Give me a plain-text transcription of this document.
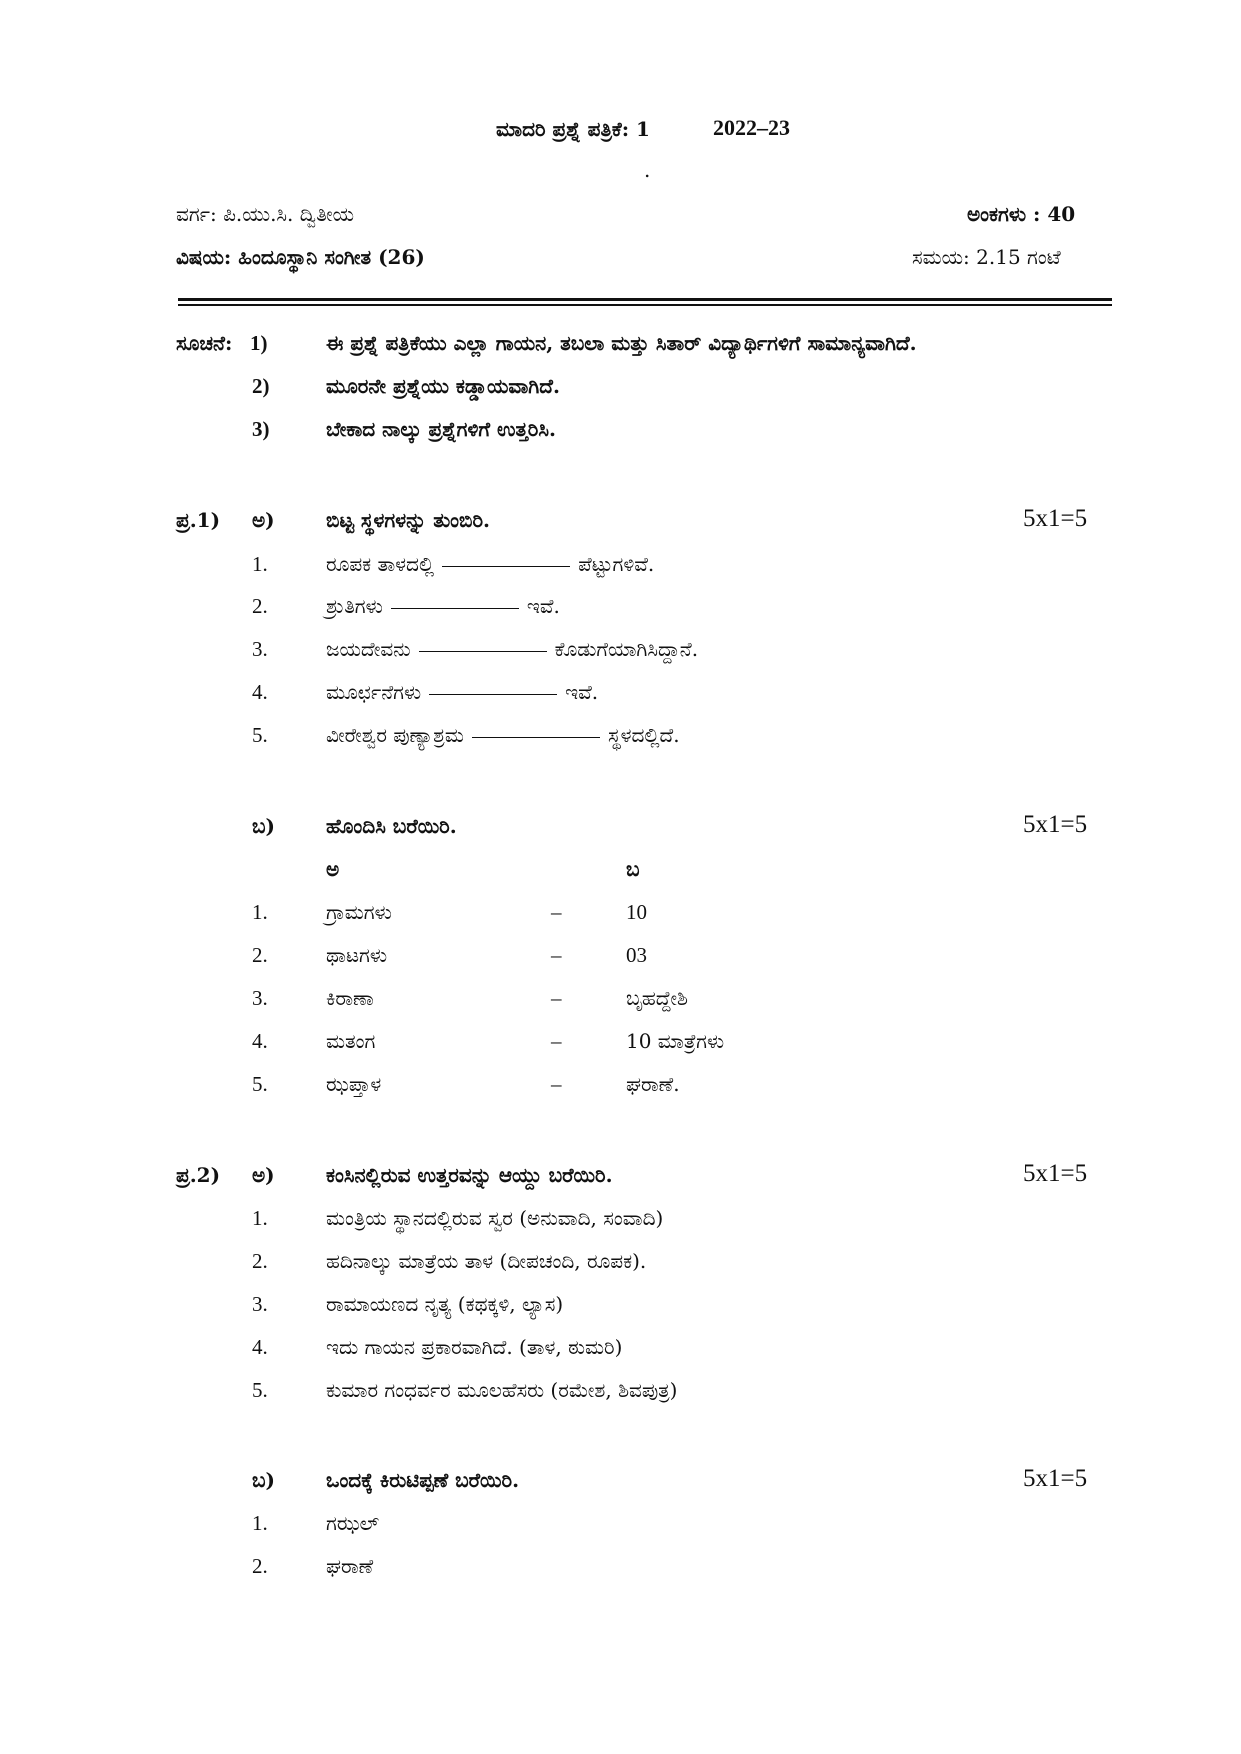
ಮಾದರಿ ಪ್ರಶ್ನೆ ಪತ್ರಿಕೆ: 1	2022–23
.
ವರ್ಗ: ಪಿ.ಯು.ಸಿ. ದ್ವಿತೀಯ	ಅಂಕಗಳು : 40
ವಿಷಯ: ಹಿಂದೂಸ್ಥಾನಿ ಸಂಗೀತ (26)	ಸಮಯ: 2.15 ಗಂಟೆ
ಸೂಚನೆ: 1)	ಈ ಪ್ರಶ್ನೆ ಪತ್ರಿಕೆಯು ಎಲ್ಲಾ ಗಾಯನ, ತಬಲಾ ಮತ್ತು ಸಿತಾರ್ ವಿದ್ಯಾರ್ಥಿಗಳಿಗೆ ಸಾಮಾನ್ಯವಾಗಿದೆ.
2)	ಮೂರನೇ ಪ್ರಶ್ನೆಯು ಕಡ್ಡಾಯವಾಗಿದೆ.
3)	ಬೇಕಾದ ನಾಲ್ಕು ಪ್ರಶ್ನೆಗಳಿಗೆ ಉತ್ತರಿಸಿ.
ಪ್ರ.1) ಅ)	ಬಿಟ್ಟ ಸ್ಥಳಗಳನ್ನು ತುಂಬಿರಿ.	5x1=5
1.	ರೂಪಕ ತಾಳದಲ್ಲಿ	ಪೆಟ್ಟುಗಳಿವೆ.
2.	ಶ್ರುತಿಗಳು	ಇವೆ.
3.	ಜಯದೇವನು	ಕೊಡುಗೆಯಾಗಿಸಿದ್ದಾನೆ.
4.	ಮೂರ್ಛನೆಗಳು	ಇವೆ.
5.	ವೀರೇಶ್ವರ ಪುಣ್ಯಾಶ್ರಮ	ಸ್ಥಳದಲ್ಲಿದೆ.
ಬ)	ಹೊಂದಿಸಿ ಬರೆಯಿರಿ.	5x1=5
ಅ	ಬ
1.	ಗ್ರಾಮಗಳು	–	10
2.	ಥಾಟಗಳು	–	03
3.	ಕಿರಾಣಾ	–	ಬೃಹದ್ದೇಶಿ
4.	ಮತಂಗ	–	10 ಮಾತ್ರೆಗಳು
5.	ಝಪ್ತಾಳ	–	ಘರಾಣೆ.
ಪ್ರ.2) ಅ)	ಕಂಸಿನಲ್ಲಿರುವ ಉತ್ತರವನ್ನು ಆಯ್ದು ಬರೆಯಿರಿ.	5x1=5
1.	ಮಂತ್ರಿಯ ಸ್ಥಾನದಲ್ಲಿರುವ ಸ್ವರ (ಅನುವಾದಿ, ಸಂವಾದಿ)
2.	ಹದಿನಾಲ್ಕು ಮಾತ್ರೆಯ ತಾಳ (ದೀಪಚಂದಿ, ರೂಪಕ).
3.	ರಾಮಾಯಣದ ನೃತ್ಯ (ಕಥಕ್ಕಳಿ, ಲ್ಯಾಸ)
4.	ಇದು ಗಾಯನ ಪ್ರಕಾರವಾಗಿದೆ. (ತಾಳ, ಠುಮರಿ)
5.	ಕುಮಾರ ಗಂಧರ್ವರ ಮೂಲಹೆಸರು (ರಮೇಶ, ಶಿವಪುತ್ರ)
ಬ)	ಒಂದಕ್ಕೆ ಕಿರುಟಿಪ್ಪಣೆ ಬರೆಯಿರಿ.	5x1=5
1.	ಗಝಲ್
2.	ಘರಾಣೆ
